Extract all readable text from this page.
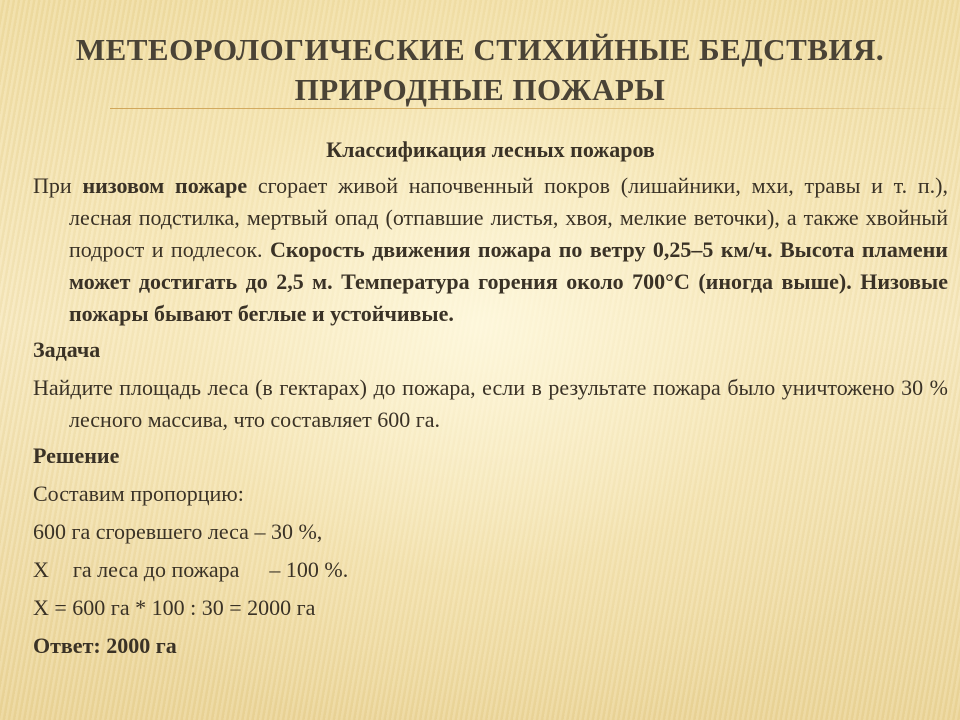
МЕТЕОРОЛОГИЧЕСКИЕ СТИХИЙНЫЕ БЕДСТВИЯ.
ПРИРОДНЫЕ ПОЖАРЫ
Классификация лесных пожаров

При низовом пожаре сгорает живой напочвенный покров (лишайники, мхи, травы и т. п.), лесная подстилка, мертвый опад (отпавшие листья, хвоя, мелкие веточки), а также хвойный подрост и подлесок. Скорость движения пожара по ветру 0,25–5 км/ч. Высота пламени может достигать до 2,5 м. Температура горения около 700°С (иногда выше). Низовые пожары бывают беглые и устойчивые.

Задача

Найдите площадь леса (в гектарах) до пожара, если в результате пожара было уничтожено 30 % лесного массива, что составляет 600 га.

Решение
Составим пропорцию:
600 га сгоревшего леса – 30 %,
Х га леса до пожара – 100 %.
Х = 600 га * 100 : 30 = 2000 га
Ответ: 2000 га
